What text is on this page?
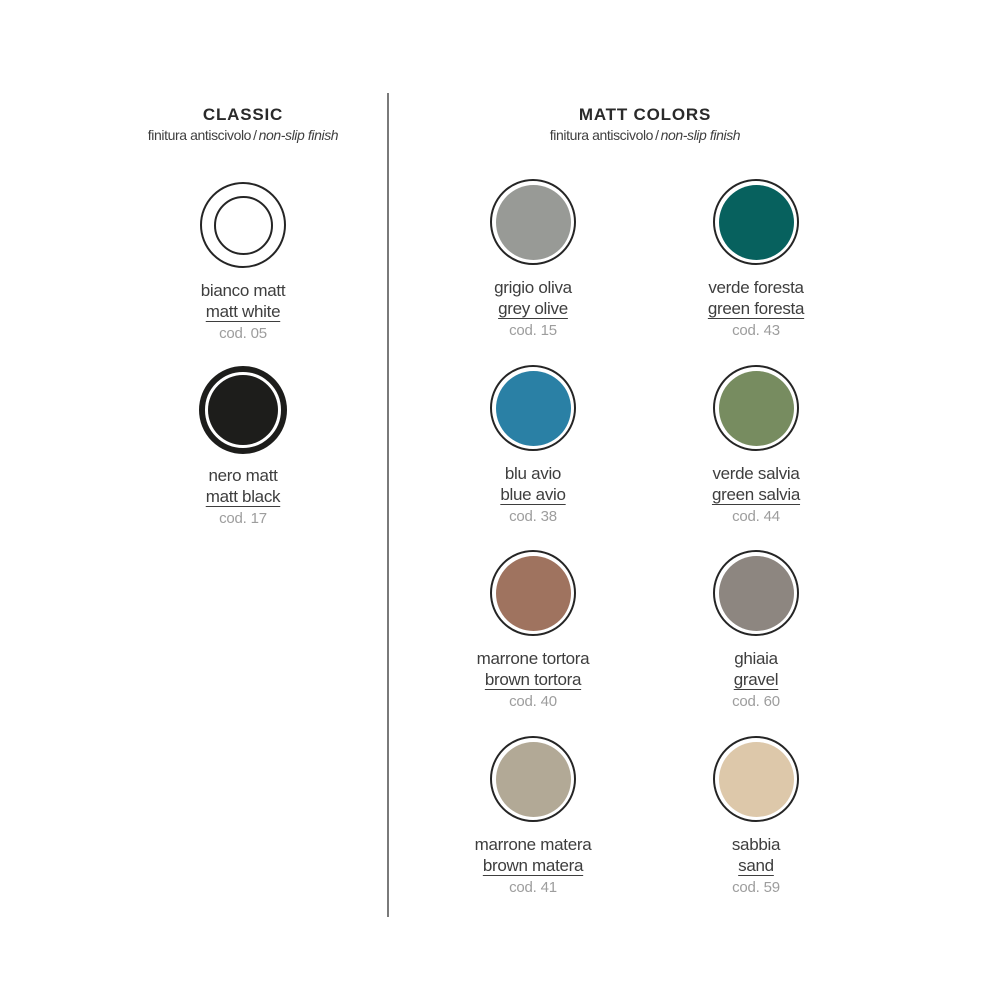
CLASSIC
finitura antiscivolo / non-slip finish
MATT COLORS
finitura antiscivolo / non-slip finish
bianco matt
matt white
cod. 05
nero matt
matt black
cod. 17
grigio oliva
grey olive
cod. 15
verde foresta
green foresta
cod. 43
blu avio
blue avio
cod. 38
verde salvia
green salvia
cod. 44
marrone tortora
brown tortora
cod. 40
ghiaia
gravel
cod. 60
marrone matera
brown matera
cod. 41
sabbia
sand
cod. 59
